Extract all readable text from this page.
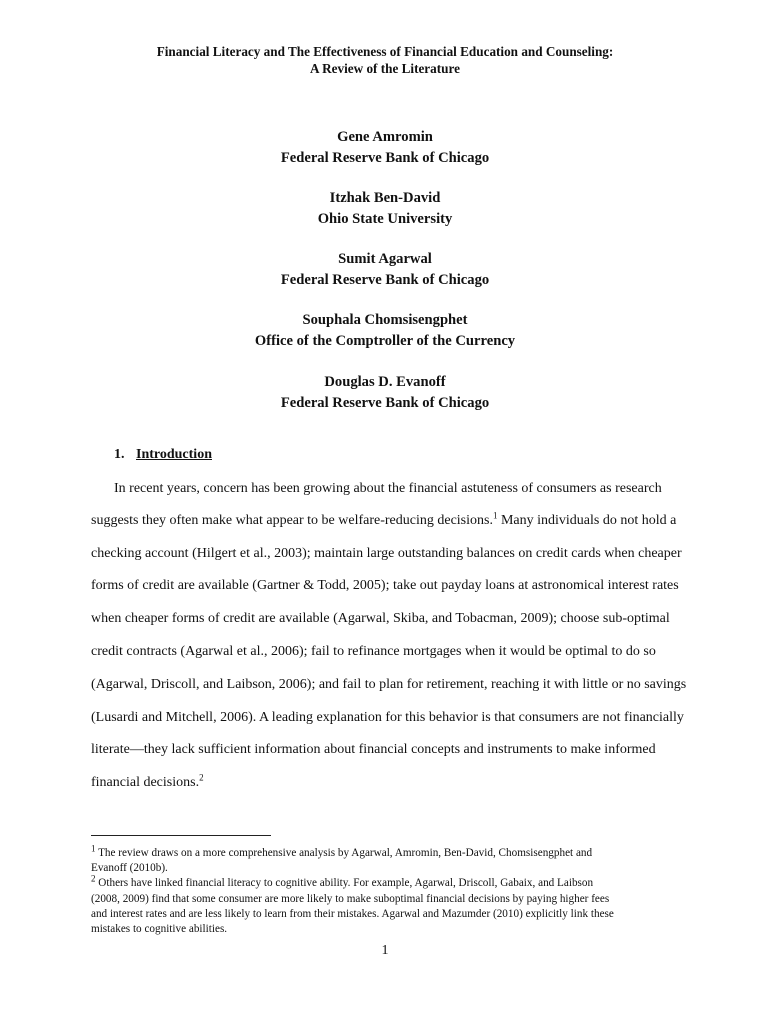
Financial Literacy and The Effectiveness of Financial Education and Counseling:
A Review of the Literature
Gene Amromin
Federal Reserve Bank of Chicago
Itzhak Ben-David
Ohio State University
Sumit Agarwal
Federal Reserve Bank of Chicago
Souphala Chomsisengphet
Office of the Comptroller of the Currency
Douglas D. Evanoff
Federal Reserve Bank of Chicago
1. Introduction
In recent years, concern has been growing about the financial astuteness of consumers as research
suggests they often make what appear to be welfare-reducing decisions.$^1$ Many individuals do not hold a
checking account (Hilgert et al., 2003); maintain large outstanding balances on credit cards when cheaper
forms of credit are available (Gartner & Todd, 2005); take out payday loans at astronomical interest rates
when cheaper forms of credit are available (Agarwal, Skiba, and Tobacman, 2009); choose sub-optimal
credit contracts (Agarwal et al., 2006); fail to refinance mortgages when it would be optimal to do so
(Agarwal, Driscoll, and Laibson, 2006); and fail to plan for retirement, reaching it with little or no savings
(Lusardi and Mitchell, 2006). A leading explanation for this behavior is that consumers are not financially
literate—they lack sufficient information about financial concepts and instruments to make informed
financial decisions.$^2$
$^1$ The review draws on a more comprehensive analysis by Agarwal, Amromin, Ben-David, Chomsisengphet and
Evanoff (2010b).
$^2$ Others have linked financial literacy to cognitive ability. For example, Agarwal, Driscoll, Gabaix, and Laibson
(2008, 2009) find that some consumer are more likely to make suboptimal financial decisions by paying higher fees
and interest rates and are less likely to learn from their mistakes. Agarwal and Mazumder (2010) explicitly link these
mistakes to cognitive abilities.
1
